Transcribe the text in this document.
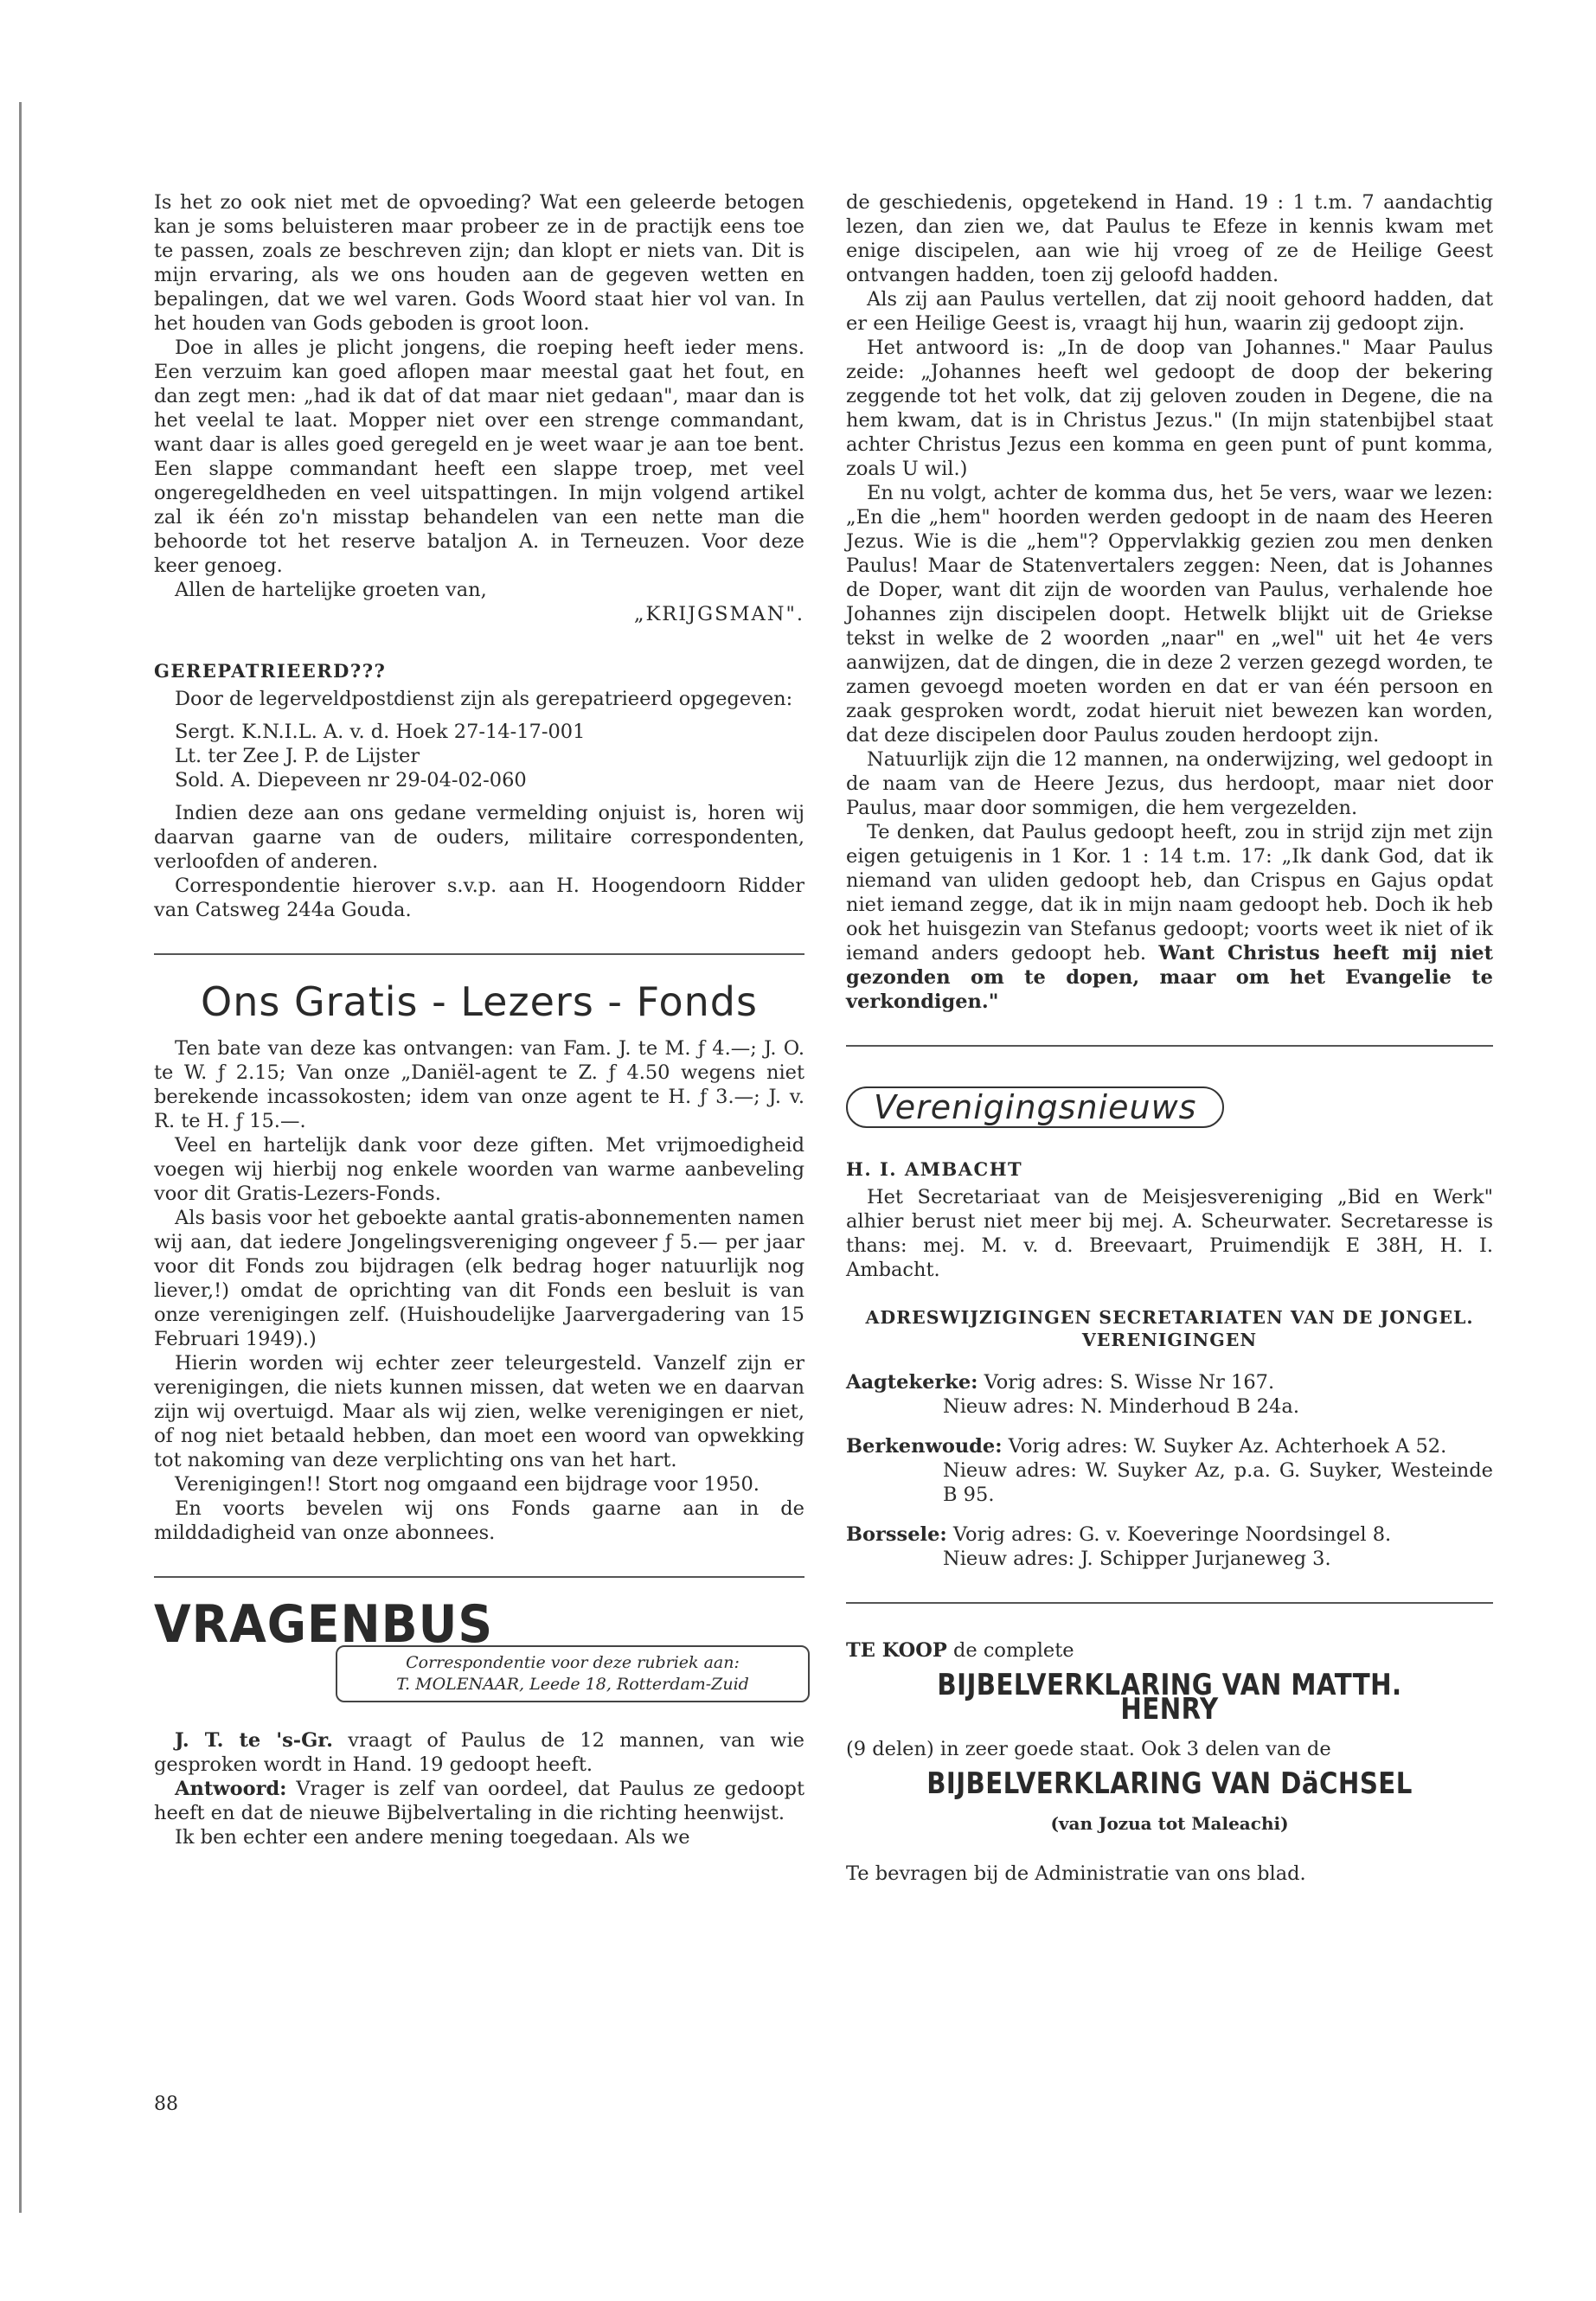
Is het zo ook niet met de opvoeding? Wat een geleerde betogen kan je soms beluisteren maar probeer ze in de practijk eens toe te passen, zoals ze beschreven zijn; dan klopt er niets van. Dit is mijn ervaring, als we ons houden aan de gegeven wetten en bepalingen, dat we wel varen. Gods Woord staat hier vol van. In het houden van Gods geboden is groot loon.

Doe in alles je plicht jongens, die roeping heeft ieder mens. Een verzuim kan goed aflopen maar meestal gaat het fout, en dan zegt men: „had ik dat of dat maar niet gedaan", maar dan is het veelal te laat. Mopper niet over een strenge commandant, want daar is alles goed geregeld en je weet waar je aan toe bent. Een slappe commandant heeft een slappe troep, met veel ongeregeldheden en veel uitspattingen. In mijn volgend artikel zal ik één zo'n misstap behandelen van een nette man die behoorde tot het reserve bataljon A. in Terneuzen. Voor deze keer genoeg.

Allen de hartelijke groeten van,

„KRIJGSMAN".
GEREPATRIEERD???

Door de legerveldpostdienst zijn als gerepatrieerd opgegeven:

Sergt. K.N.I.L. A. v. d. Hoek 27-14-17-001
Lt. ter Zee J. P. de Lijster
Sold. A. Diepeveen nr 29-04-02-060

Indien deze aan ons gedane vermelding onjuist is, horen wij daarvan gaarne van de ouders, militaire correspondenten, verloofden of anderen.

Correspondentie hierover s.v.p. aan H. Hoogendoorn Ridder van Catsweg 244a Gouda.

Ons Gratis - Lezers - Fonds

Ten bate van deze kas ontvangen: van Fam. J. te M. ƒ 4.—; J. O. te W. ƒ 2.15; Van onze „Daniël-agent te Z. ƒ 4.50 wegens niet berekende incassokosten; idem van onze agent te H. ƒ 3.—; J. v. R. te H. ƒ 15.—.

Veel en hartelijk dank voor deze giften. Met vrijmoedigheid voegen wij hierbij nog enkele woorden van warme aanbeveling voor dit Gratis-Lezers-Fonds.

Als basis voor het geboekte aantal gratis-abonnementen namen wij aan, dat iedere Jongelingsvereniging ongeveer ƒ 5.— per jaar voor dit Fonds zou bijdragen (elk bedrag hoger natuurlijk nog liever,!) omdat de oprichting van dit Fonds een besluit is van onze verenigingen zelf. (Huishoudelijke Jaarvergadering van 15 Februari 1949).)

Hierin worden wij echter zeer teleurgesteld. Vanzelf zijn er verenigingen, die niets kunnen missen, dat weten we en daarvan zijn wij overtuigd. Maar als wij zien, welke verenigingen er niet, of nog niet betaald hebben, dan moet een woord van opwekking tot nakoming van deze verplichting ons van het hart.

Verenigingen!! Stort nog omgaand een bijdrage voor 1950.

En voorts bevelen wij ons Fonds gaarne aan in de milddadigheid van onze abonnees.

VRAGENBUS
Correspondentie voor deze rubriek aan:
T. MOLENAAR, Leede 18, Rotterdam-Zuid

J. T. te 's-Gr. vraagt of Paulus de 12 mannen, van wie gesproken wordt in Hand. 19 gedoopt heeft.

Antwoord: Vrager is zelf van oordeel, dat Paulus ze gedoopt heeft en dat de nieuwe Bijbelvertaling in die richting heenwijst.

Ik ben echter een andere mening toegedaan. Als we

88

de geschiedenis, opgetekend in Hand. 19 : 1 t.m. 7 aandachtig lezen, dan zien we, dat Paulus te Efeze in kennis kwam met enige discipelen, aan wie hij vroeg of ze de Heilige Geest ontvangen hadden, toen zij geloofd hadden.

Als zij aan Paulus vertellen, dat zij nooit gehoord hadden, dat er een Heilige Geest is, vraagt hij hun, waarin zij gedoopt zijn.

Het antwoord is: „In de doop van Johannes." Maar Paulus zeide: „Johannes heeft wel gedoopt de doop der bekering zeggende tot het volk, dat zij geloven zouden in Degene, die na hem kwam, dat is in Christus Jezus." (In mijn statenbijbel staat achter Christus Jezus een komma en geen punt of punt komma, zoals U wil.)

En nu volgt, achter de komma dus, het 5e vers, waar we lezen: „En die „hem" hoorden werden gedoopt in de naam des Heeren Jezus. Wie is die „hem"? Oppervlakkig gezien zou men denken Paulus! Maar de Statenvertalers zeggen: Neen, dat is Johannes de Doper, want dit zijn de woorden van Paulus, verhalende hoe Johannes zijn discipelen doopt. Hetwelk blijkt uit de Griekse tekst in welke de 2 woorden „naar" en „wel" uit het 4e vers aanwijzen, dat de dingen, die in deze 2 verzen gezegd worden, te zamen gevoegd moeten worden en dat er van één persoon en zaak gesproken wordt, zodat hieruit niet bewezen kan worden, dat deze discipelen door Paulus zouden herdoopt zijn.

Natuurlijk zijn die 12 mannen, na onderwijzing, wel gedoopt in de naam van de Heere Jezus, dus herdoopt, maar niet door Paulus, maar door sommigen, die hem vergezelden.

Te denken, dat Paulus gedoopt heeft, zou in strijd zijn met zijn eigen getuigenis in 1 Kor. 1 : 14 t.m. 17: „Ik dank God, dat ik niemand van uliden gedoopt heb, dan Crispus en Gajus opdat niet iemand zegge, dat ik in mijn naam gedoopt heb. Doch ik heb ook het huisgezin van Stefanus gedoopt; voorts weet ik niet of ik iemand anders gedoopt heb. Want Christus heeft mij niet gezonden om te dopen, maar om het Evangelie te verkondigen."

Verenigingsnieuws
H. I. AMBACHT

Het Secretariaat van de Meisjesvereniging „Bid en Werk" alhier berust niet meer bij mej. A. Scheurwater. Secretaresse is thans: mej. M. v. d. Breevaart, Pruimendijk E 38H, H. I. Ambacht.

ADRESWIJZIGINGEN SECRETARIATEN VAN DE JONGEL. VERENIGINGEN
Aagtekerke: Vorig adres: S. Wisse Nr 167.
Nieuw adres: N. Minderhoud B 24a.
Berkenwoude: Vorig adres: W. Suyker Az. Achterhoek A 52.
Nieuw adres: W. Suyker Az, p.a. G. Suyker, Westeinde B 95.
Borssele: Vorig adres: G. v. Koeveringe Noordsingel 8.
Nieuw adres: J. Schipper Jurjaneweg 3.
TE KOOP de complete
BIJBELVERKLARING VAN MATTH. HENRY
(9 delen) in zeer goede staat. Ook 3 delen van de
BIJBELVERKLARING VAN DäCHSEL
(van Jozua tot Maleachi)
Te bevragen bij de Administratie van ons blad.
